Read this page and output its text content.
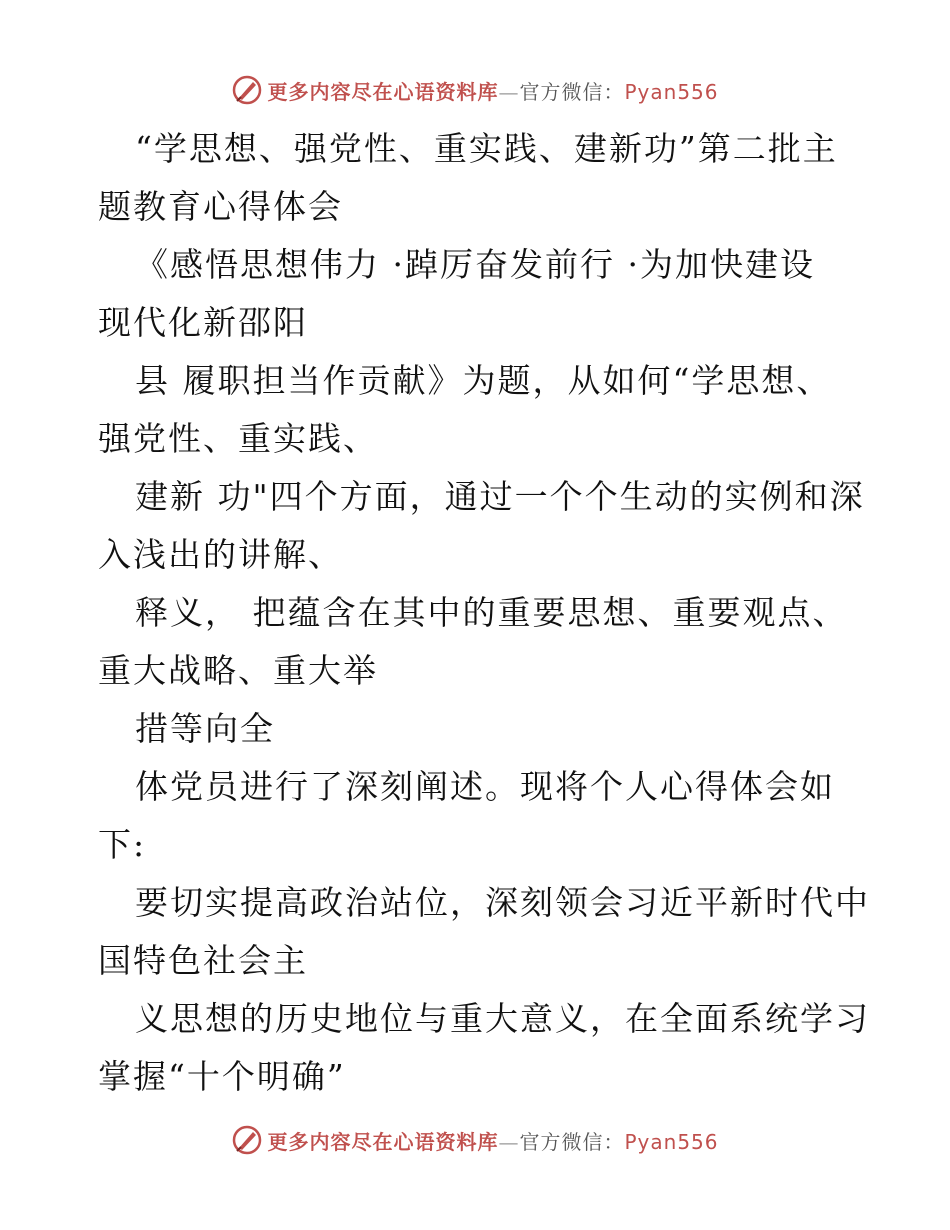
更多内容尽在心语资料库—官方微信：Pyan556
“学思想、强党性、重实践、建新功”第二批主
题教育心得体会
《感悟思想伟力 ·踔厉奋发前行 ·为加快建设
现代化新邵阳
县 履职担当作贡献》为题，从如何“学思想、
强党性、重实践、
建新 功"四个方面，通过一个个生动的实例和深
入浅出的讲解、
释义， 把蕴含在其中的重要思想、重要观点、
重大战略、重大举
措等向全
体党员进行了深刻阐述。现将个人心得体会如
下:
要切实提高政治站位，深刻领会习近平新时代中
国特色社会主
义思想的历史地位与重大意义，在全面系统学习
掌握“十个明确”
更多内容尽在心语资料库—官方微信：Pyan556
